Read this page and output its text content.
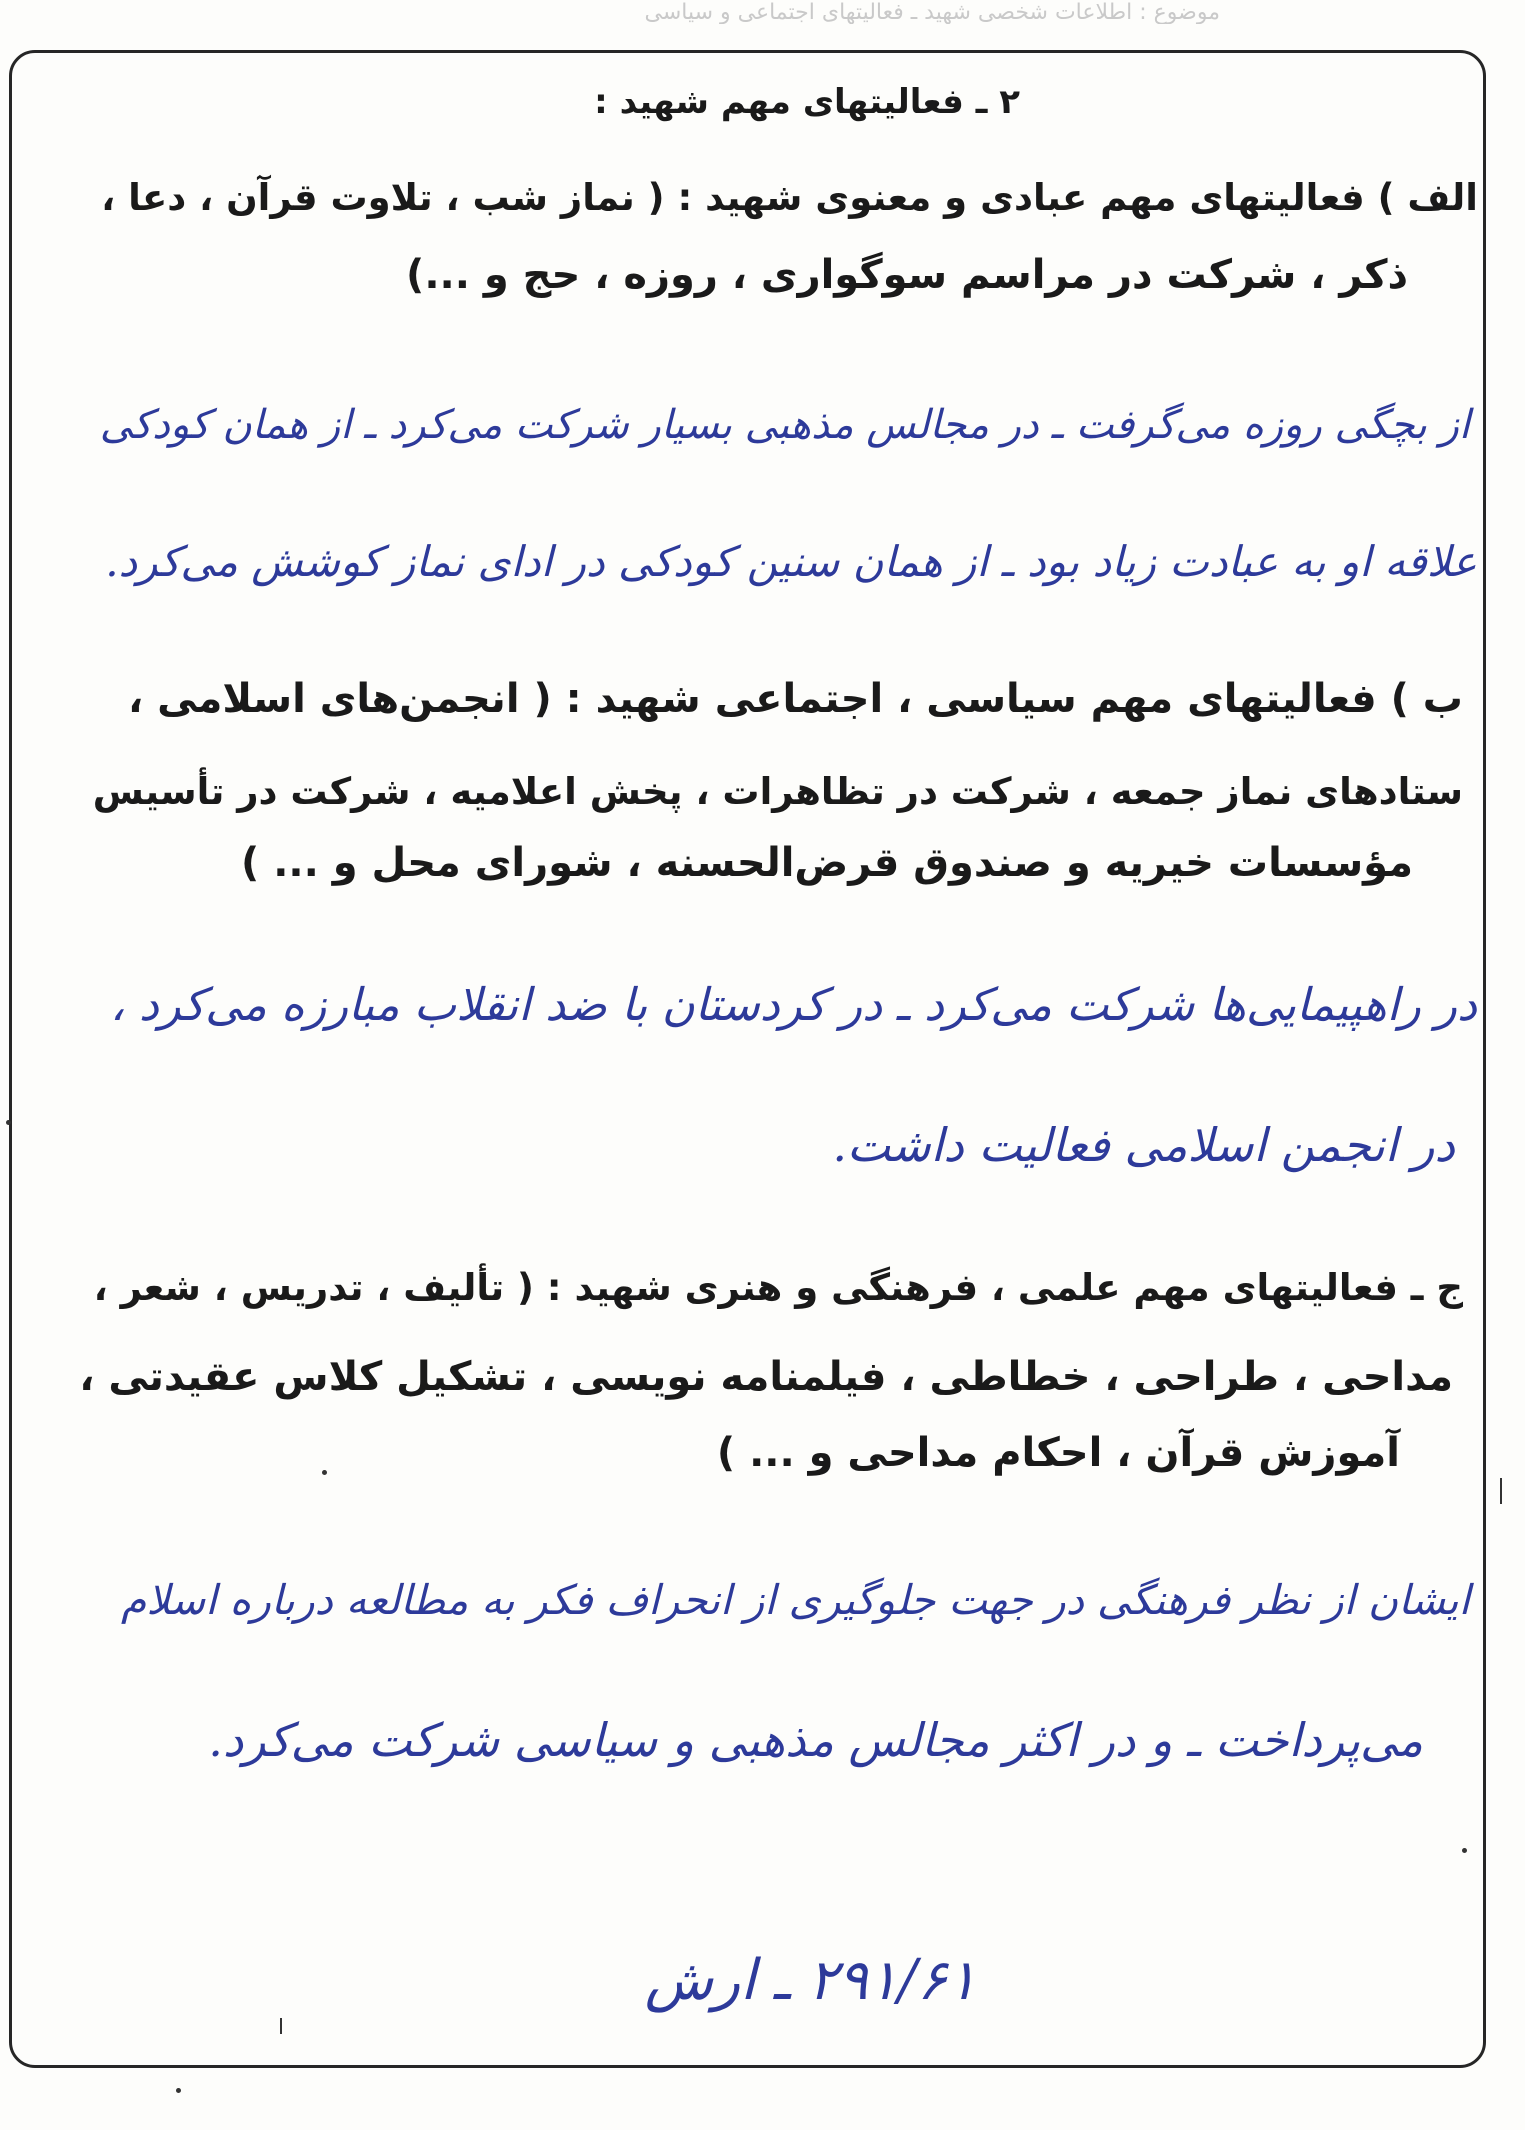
موضوع : اطلاعات شخصی شهید ـ فعالیتهای اجتماعی و سیاسی
۲ ـ فعالیتهای مهم شهید :
الف ) فعالیتهای مهم عبادی و معنوی شهید : ( نماز شب ، تلاوت قرآن ، دعا ،
ذکر ، شرکت در مراسم سوگواری ، روزه ، حج و ...)
از بچگی روزه می‌گرفت ـ در مجالس مذهبی بسیار شرکت می‌کرد ـ از همان کودکی
علاقه او به عبادت زیاد بود ـ از همان سنین کودکی در ادای نماز کوشش می‌کرد.
ب ) فعالیتهای مهم سیاسی ، اجتماعی شهید : ( انجمن‌های اسلامی ،
ستادهای نماز جمعه ، شرکت در تظاهرات ، پخش اعلامیه ، شرکت در تأسیس
مؤسسات خیریه و صندوق قرض‌الحسنه ، شورای محل و ... )
در راهپیمایی‌ها شرکت می‌کرد ـ در کردستان با ضد انقلاب مبارزه می‌کرد ،
در انجمن اسلامی فعالیت داشت.
ج ـ فعالیتهای مهم علمی ، فرهنگی و هنری شهید : ( تألیف ، تدریس ، شعر ،
مداحی ، طراحی ، خطاطی ، فیلمنامه نویسی ، تشکیل کلاس عقیدتی ،
آموزش قرآن ، احکام مداحی و ... )
ایشان از نظر فرهنگی در جهت جلوگیری از انحراف فکر به مطالعه درباره اسلام
می‌پرداخت ـ و در اکثر مجالس مذهبی و سیاسی شرکت می‌کرد.
۲۹۱/۶۱ ـ ارش
